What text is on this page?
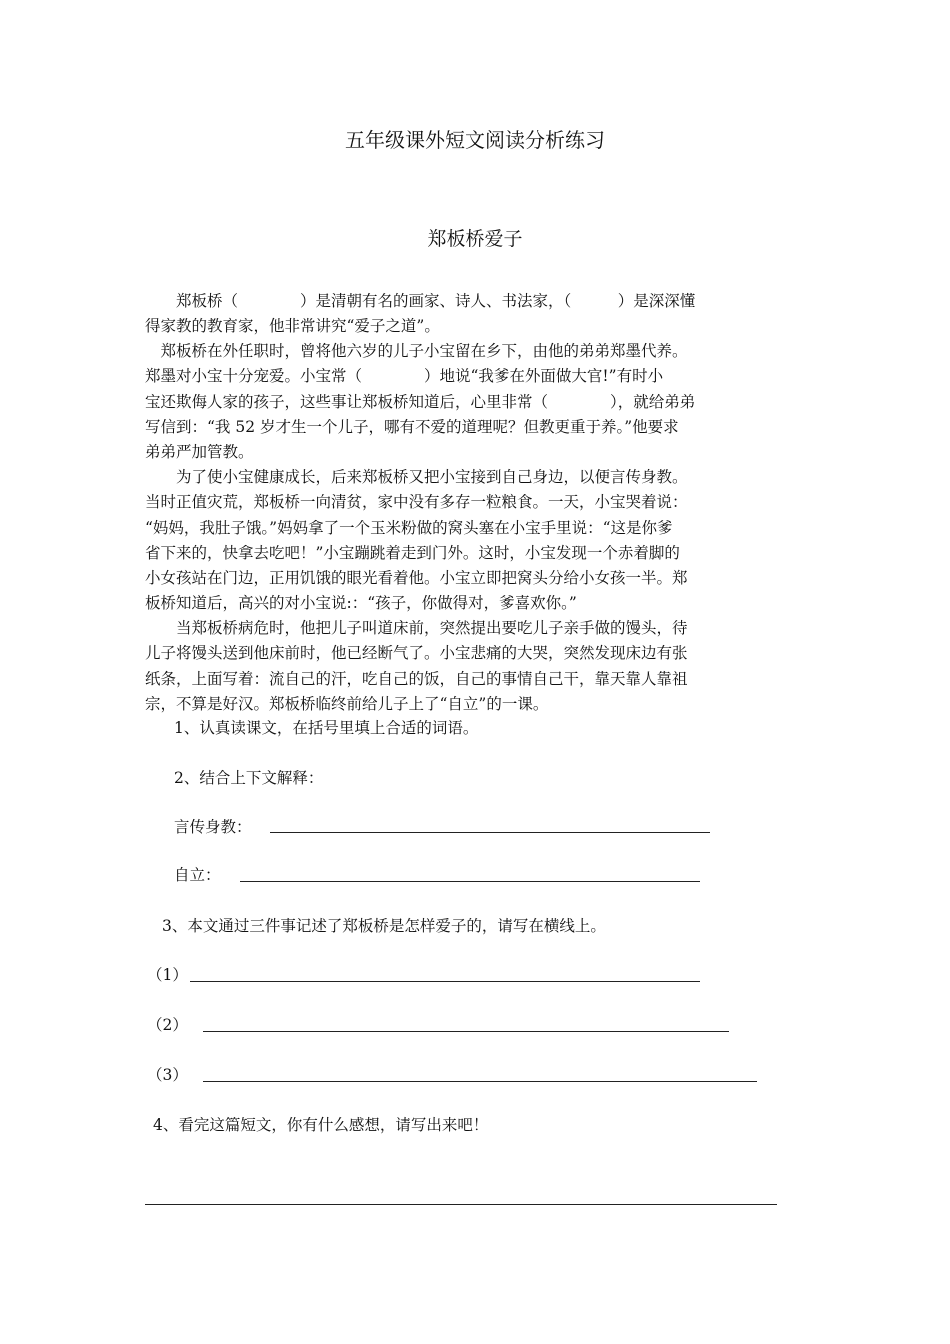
五年级课外短文阅读分析练习
郑板桥爱子
　　郑板桥（　　　　）是清朝有名的画家、诗人、书法家，（　　　）是深深懂
得家教的教育家，他非常讲究“爱子之道”。
　郑板桥在外任职时，曾将他六岁的儿子小宝留在乡下，由他的弟弟郑墨代养。
郑墨对小宝十分宠爱。小宝常（　　　　）地说“我爹在外面做大官!”有时小
宝还欺侮人家的孩子，这些事让郑板桥知道后，心里非常（　　　　），就给弟弟
写信到：“我 52 岁才生一个儿子，哪有不爱的道理呢？但教更重于养。”他要求
弟弟严加管教。
　　为了使小宝健康成长，后来郑板桥又把小宝接到自己身边，以便言传身教。
当时正值灾荒，郑板桥一向清贫，家中没有多存一粒粮食。一天，小宝哭着说：
“妈妈，我肚子饿。”妈妈拿了一个玉米粉做的窝头塞在小宝手里说：“这是你爹
省下来的，快拿去吃吧！”小宝蹦跳着走到门外。这时，小宝发现一个赤着脚的
小女孩站在门边，正用饥饿的眼光看着他。小宝立即把窝头分给小女孩一半。郑
板桥知道后，高兴的对小宝说:：“孩子，你做得对，爹喜欢你。”
　　当郑板桥病危时，他把儿子叫道床前，突然提出要吃儿子亲手做的馒头，待
儿子将馒头送到他床前时，他已经断气了。小宝悲痛的大哭，突然发现床边有张
纸条，上面写着：流自己的汗，吃自己的饭，自己的事情自己干，靠天靠人靠祖
宗，不算是好汉。郑板桥临终前给儿子上了“自立”的一课。
1、认真读课文，在括号里填上合适的词语。
2、结合上下文解释：
言传身教：
自立：
3、本文通过三件事记述了郑板桥是怎样爱子的，请写在横线上。
（1）
（2）
（3）
4、看完这篇短文，你有什么感想，请写出来吧！
